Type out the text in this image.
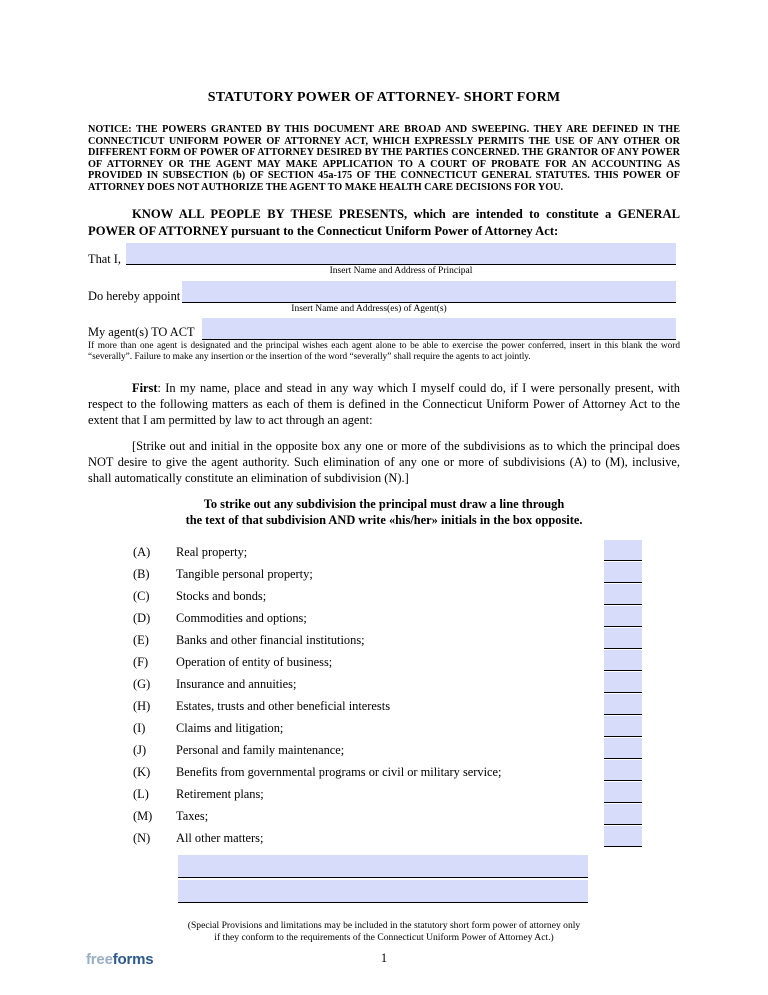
STATUTORY POWER OF ATTORNEY- SHORT FORM
NOTICE: THE POWERS GRANTED BY THIS DOCUMENT ARE BROAD AND SWEEPING. THEY ARE DEFINED IN THE CONNECTICUT UNIFORM POWER OF ATTORNEY ACT, WHICH EXPRESSLY PERMITS THE USE OF ANY OTHER OR DIFFERENT FORM OF POWER OF ATTORNEY DESIRED BY THE PARTIES CONCERNED. THE GRANTOR OF ANY POWER OF ATTORNEY OR THE AGENT MAY MAKE APPLICATION TO A COURT OF PROBATE FOR AN ACCOUNTING AS PROVIDED IN SUBSECTION (b) OF SECTION 45a-175 OF THE CONNECTICUT GENERAL STATUTES. THIS POWER OF ATTORNEY DOES NOT AUTHORIZE THE AGENT TO MAKE HEALTH CARE DECISIONS FOR YOU.
KNOW ALL PEOPLE BY THESE PRESENTS, which are intended to constitute a GENERAL POWER OF ATTORNEY pursuant to the Connecticut Uniform Power of Attorney Act:
That I,
Insert Name and Address of Principal
Do hereby appoint
Insert Name and Address(es) of Agent(s)
My agent(s) TO ACT
If more than one agent is designated and the principal wishes each agent alone to be able to exercise the power conferred, insert in this blank the word “severally”. Failure to make any insertion or the insertion of the word “severally” shall require the agents to act jointly.
First: In my name, place and stead in any way which I myself could do, if I were personally present, with respect to the following matters as each of them is defined in the Connecticut Uniform Power of Attorney Act to the extent that I am permitted by law to act through an agent:
[Strike out and initial in the opposite box any one or more of the subdivisions as to which the principal does NOT desire to give the agent authority. Such elimination of any one or more of subdivisions (A) to (M), inclusive, shall automatically constitute an elimination of subdivision (N).]
To strike out any subdivision the principal must draw a line through
the text of that subdivision AND write «his/her» initials in the box opposite.
(A) Real property;
(B) Tangible personal property;
(C) Stocks and bonds;
(D) Commodities and options;
(E) Banks and other financial institutions;
(F) Operation of entity of business;
(G) Insurance and annuities;
(H) Estates, trusts and other beneficial interests
(I) Claims and litigation;
(J) Personal and family maintenance;
(K) Benefits from governmental programs or civil or military service;
(L) Retirement plans;
(M) Taxes;
(N) All other matters;
(Special Provisions and limitations may be included in the statutory short form power of attorney only
if they conform to the requirements of the Connecticut Uniform Power of Attorney Act.)
freeforms	1
